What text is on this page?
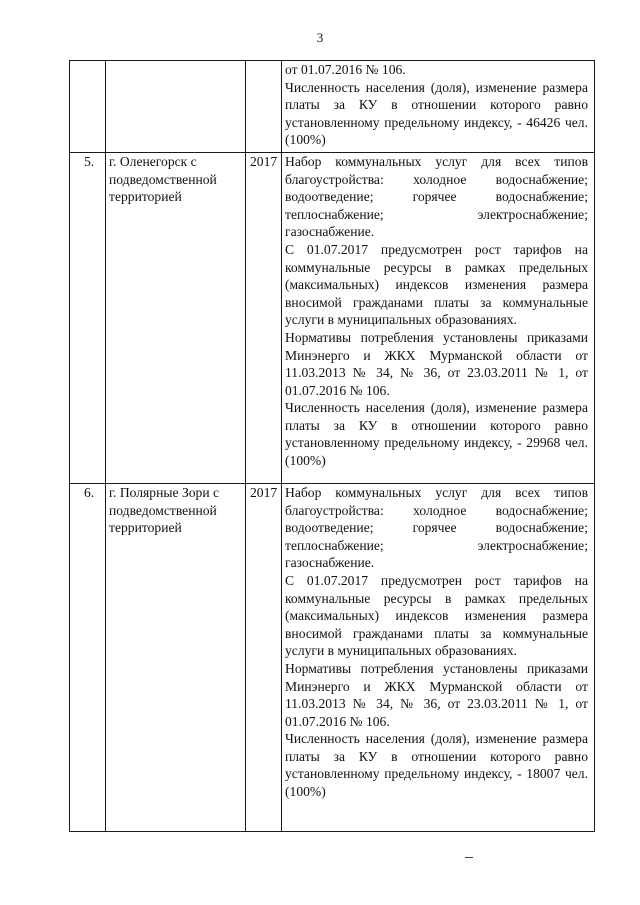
3

			от 01.07.2016 № 106.

Численность населения (доля), изменение размера платы за КУ в отношении которого равно установленному предельному индексу, - 46426 чел. (100%)

5.	г. Оленегорск с подведомственной территорией	2017	Набор коммунальных услуг для всех типов благоустройства: холодное водоснабжение; водоотведение; горячее водоснабжение; теплоснабжение; электроснабжение; газоснабжение.

С 01.07.2017 предусмотрен рост тарифов на коммунальные ресурсы в рамках предельных (максимальных) индексов изменения размера вносимой гражданами платы за коммунальные услуги в муниципальных образованиях.

Нормативы потребления установлены приказами Минэнерго и ЖКХ Мурманской области от 11.03.2013 № 34, № 36, от 23.03.2011 № 1, от 01.07.2016 № 106.

Численность населения (доля), изменение размера платы за КУ в отношении которого равно установленному предельному индексу, - 29968 чел. (100%)

6.	г. Полярные Зори с подведомственной территорией	2017	Набор коммунальных услуг для всех типов благоустройства: холодное водоснабжение; водоотведение; горячее водоснабжение; теплоснабжение; электроснабжение; газоснабжение.

С 01.07.2017 предусмотрен рост тарифов на коммунальные ресурсы в рамках предельных (максимальных) индексов изменения размера вносимой гражданами платы за коммунальные услуги в муниципальных образованиях.

Нормативы потребления установлены приказами Минэнерго и ЖКХ Мурманской области от 11.03.2013 № 34, № 36, от 23.03.2011 № 1, от 01.07.2016 № 106.

Численность населения (доля), изменение размера платы за КУ в отношении которого равно установленному предельному индексу, - 18007 чел. (100%)
